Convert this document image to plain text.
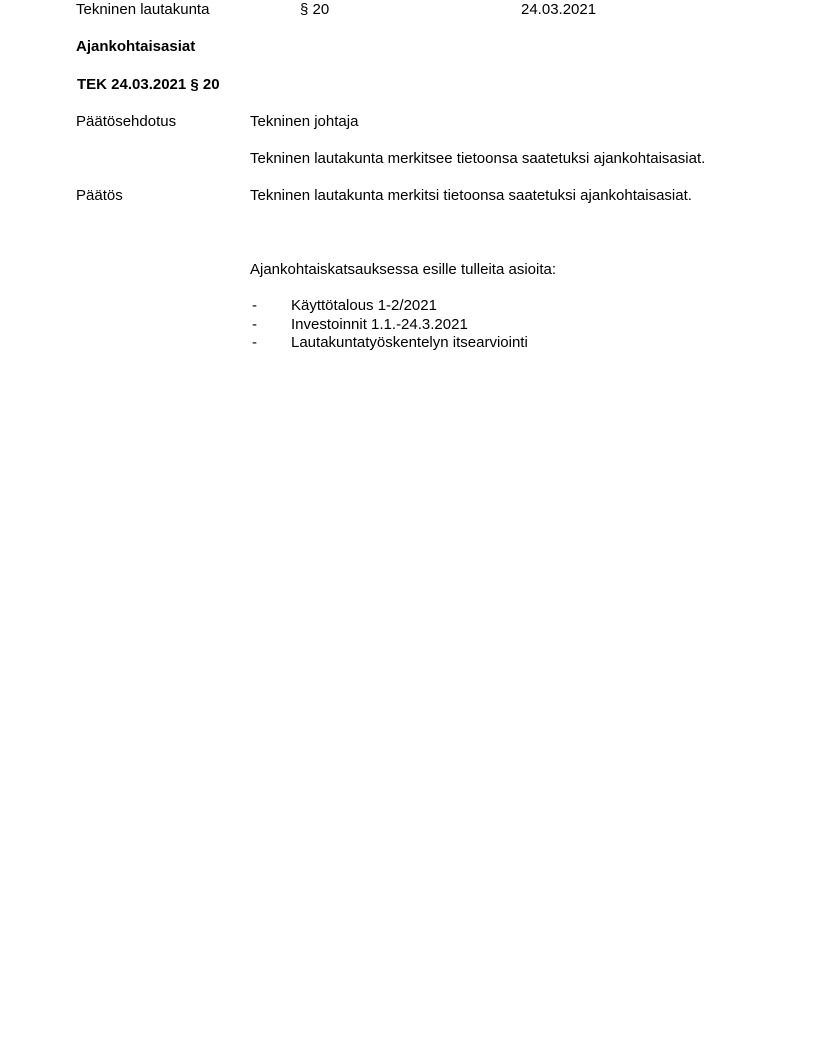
Tekninen lautakunta	§ 20	24.03.2021
Ajankohtaisasiat
TEK 24.03.2021 § 20
Päätösehdotus	Tekninen johtaja
Tekninen lautakunta merkitsee tietoonsa saatetuksi ajankohtaisasiat.
Päätös	Tekninen lautakunta merkitsi tietoonsa saatetuksi ajankohtaisasiat.
Ajankohtaiskatsauksessa esille tulleita asioita:
- Käyttötalous 1-2/2021
- Investoinnit 1.1.-24.3.2021
- Lautakuntatyöskentelyn itsearviointi
